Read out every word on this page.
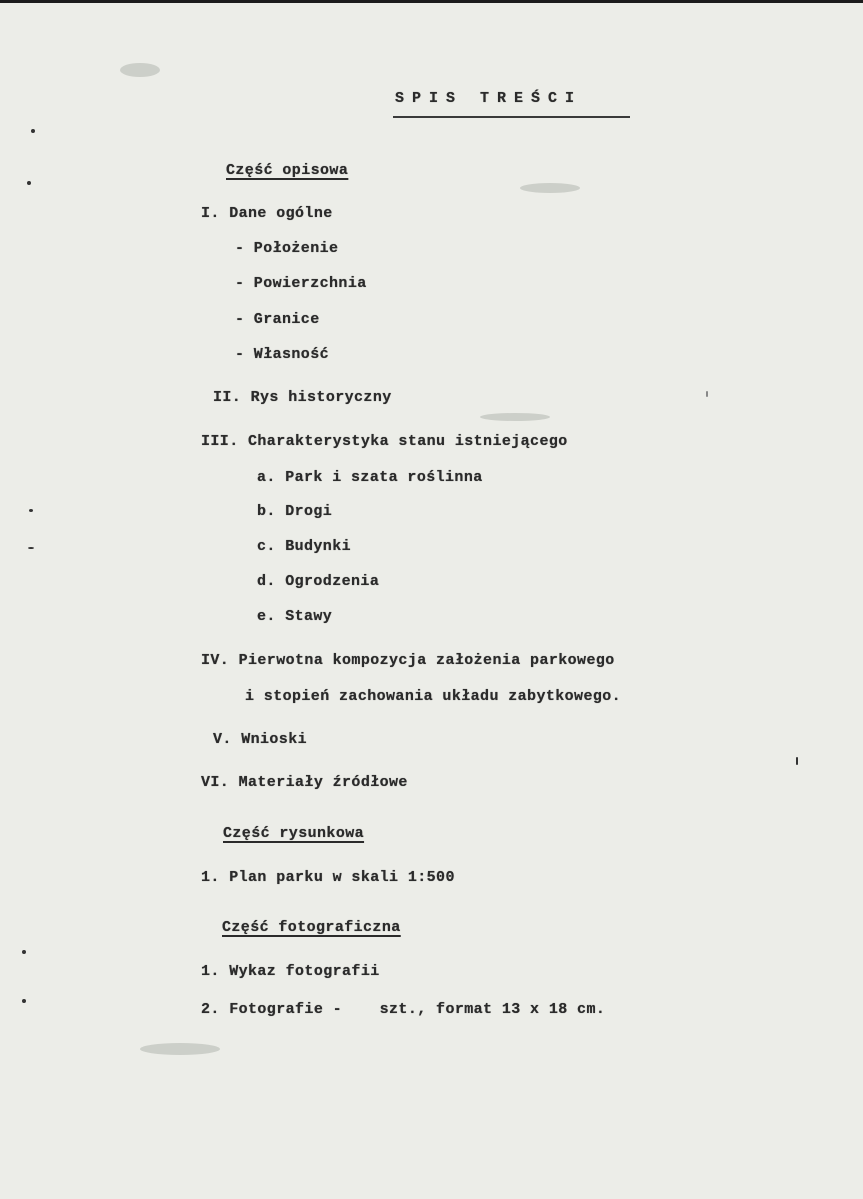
SPIS TREŚCI
Część opisowa
I. Dane ogólne
- Położenie
- Powierzchnia
- Granice
- Własność
II. Rys historyczny
III. Charakterystyka stanu istniejącego
a. Park i szata roślinna
b. Drogi
c. Budynki
d. Ogrodzenia
e. Stawy
IV. Pierwotna kompozycja założenia parkowego
i stopień zachowania układu zabytkowego.
V. Wnioski
VI. Materiały źródłowe
Część rysunkowa
1. Plan parku w skali 1:500
Część fotograficzna
1. Wykaz fotografii
2. Fotografie -    szt., format 13 x 18 cm.
